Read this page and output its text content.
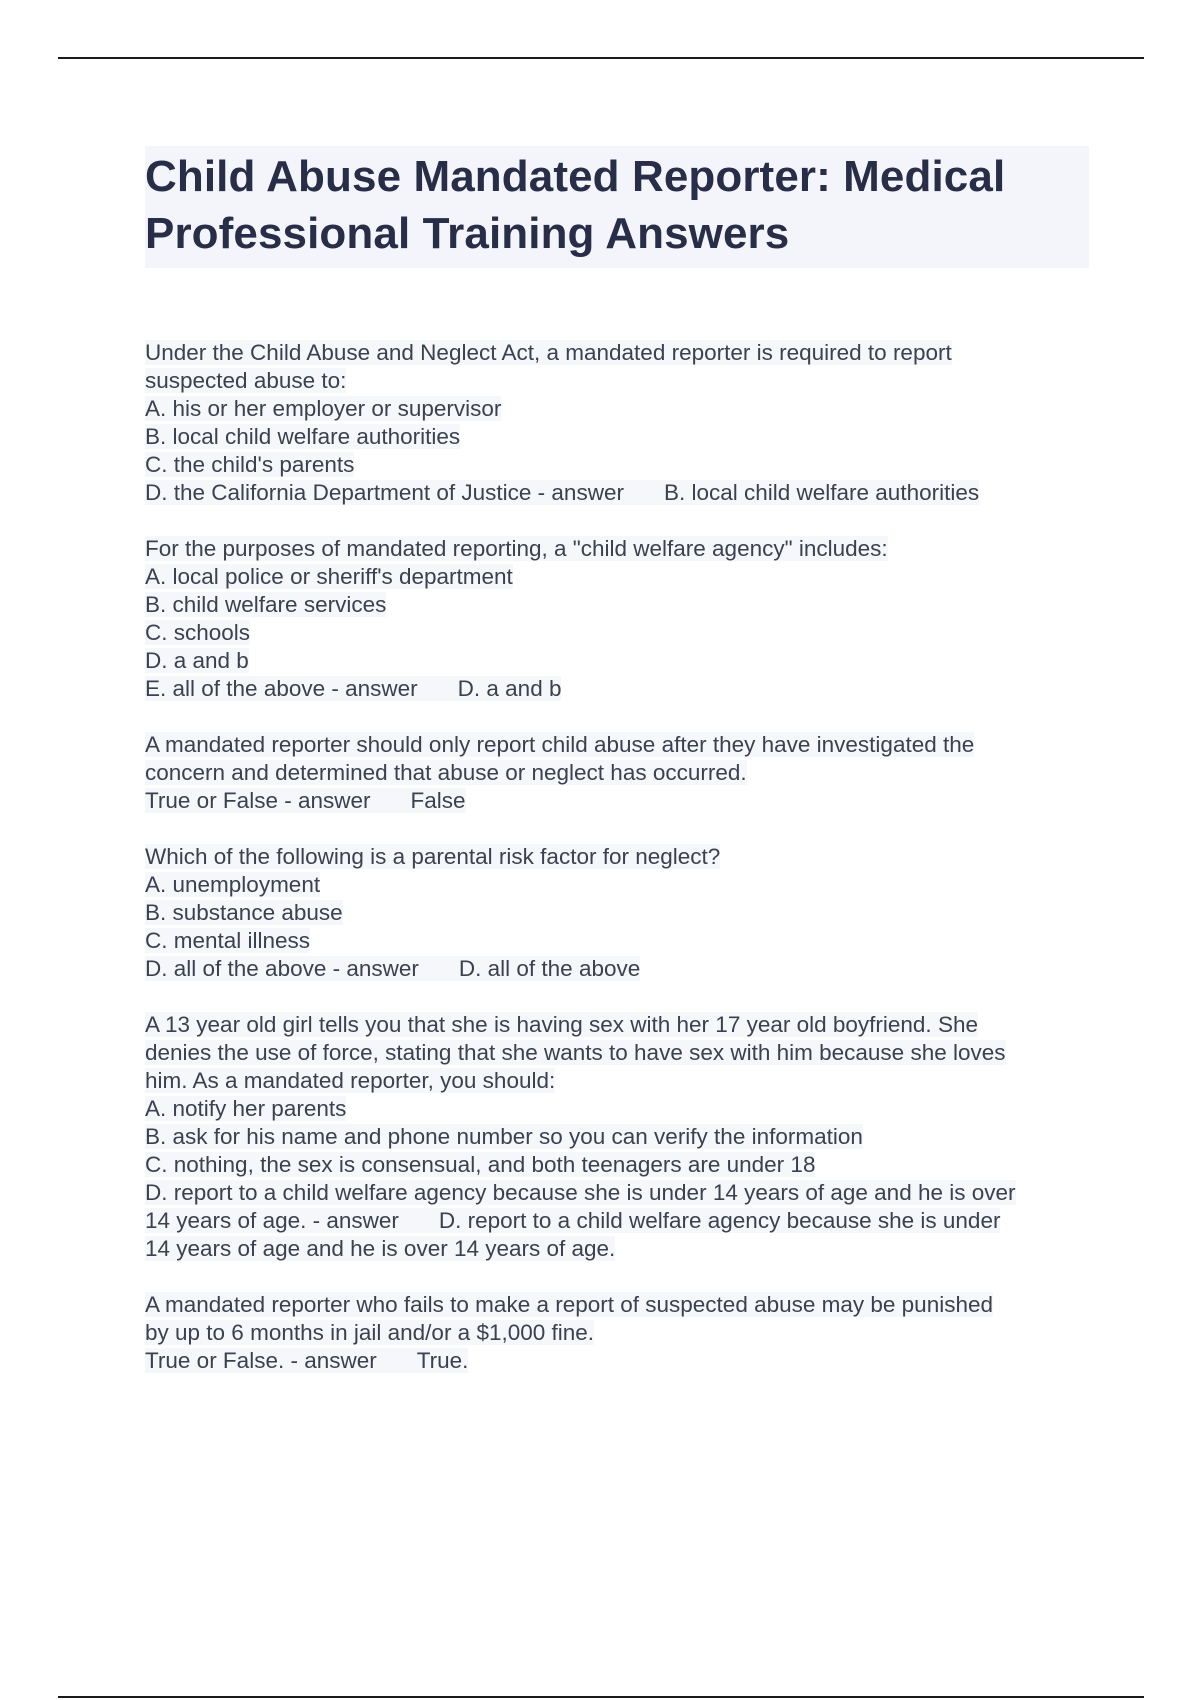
Child Abuse Mandated Reporter: Medical
Professional Training Answers
Under the Child Abuse and Neglect Act, a mandated reporter is required to report
suspected abuse to:
A. his or her employer or supervisor
B. local child welfare authorities
C. the child's parents
D. the California Department of Justice - answer B. local child welfare authorities
For the purposes of mandated reporting, a "child welfare agency" includes:
A. local police or sheriff's department
B. child welfare services
C. schools
D. a and b
E. all of the above - answer D. a and b
A mandated reporter should only report child abuse after they have investigated the
concern and determined that abuse or neglect has occurred.
True or False - answer False
Which of the following is a parental risk factor for neglect?
A. unemployment
B. substance abuse
C. mental illness
D. all of the above - answer D. all of the above
A 13 year old girl tells you that she is having sex with her 17 year old boyfriend. She
denies the use of force, stating that she wants to have sex with him because she loves
him. As a mandated reporter, you should:
A. notify her parents
B. ask for his name and phone number so you can verify the information
C. nothing, the sex is consensual, and both teenagers are under 18
D. report to a child welfare agency because she is under 14 years of age and he is over
14 years of age. - answer D. report to a child welfare agency because she is under
14 years of age and he is over 14 years of age.
A mandated reporter who fails to make a report of suspected abuse may be punished
by up to 6 months in jail and/or a $1,000 fine.
True or False. - answer True.
